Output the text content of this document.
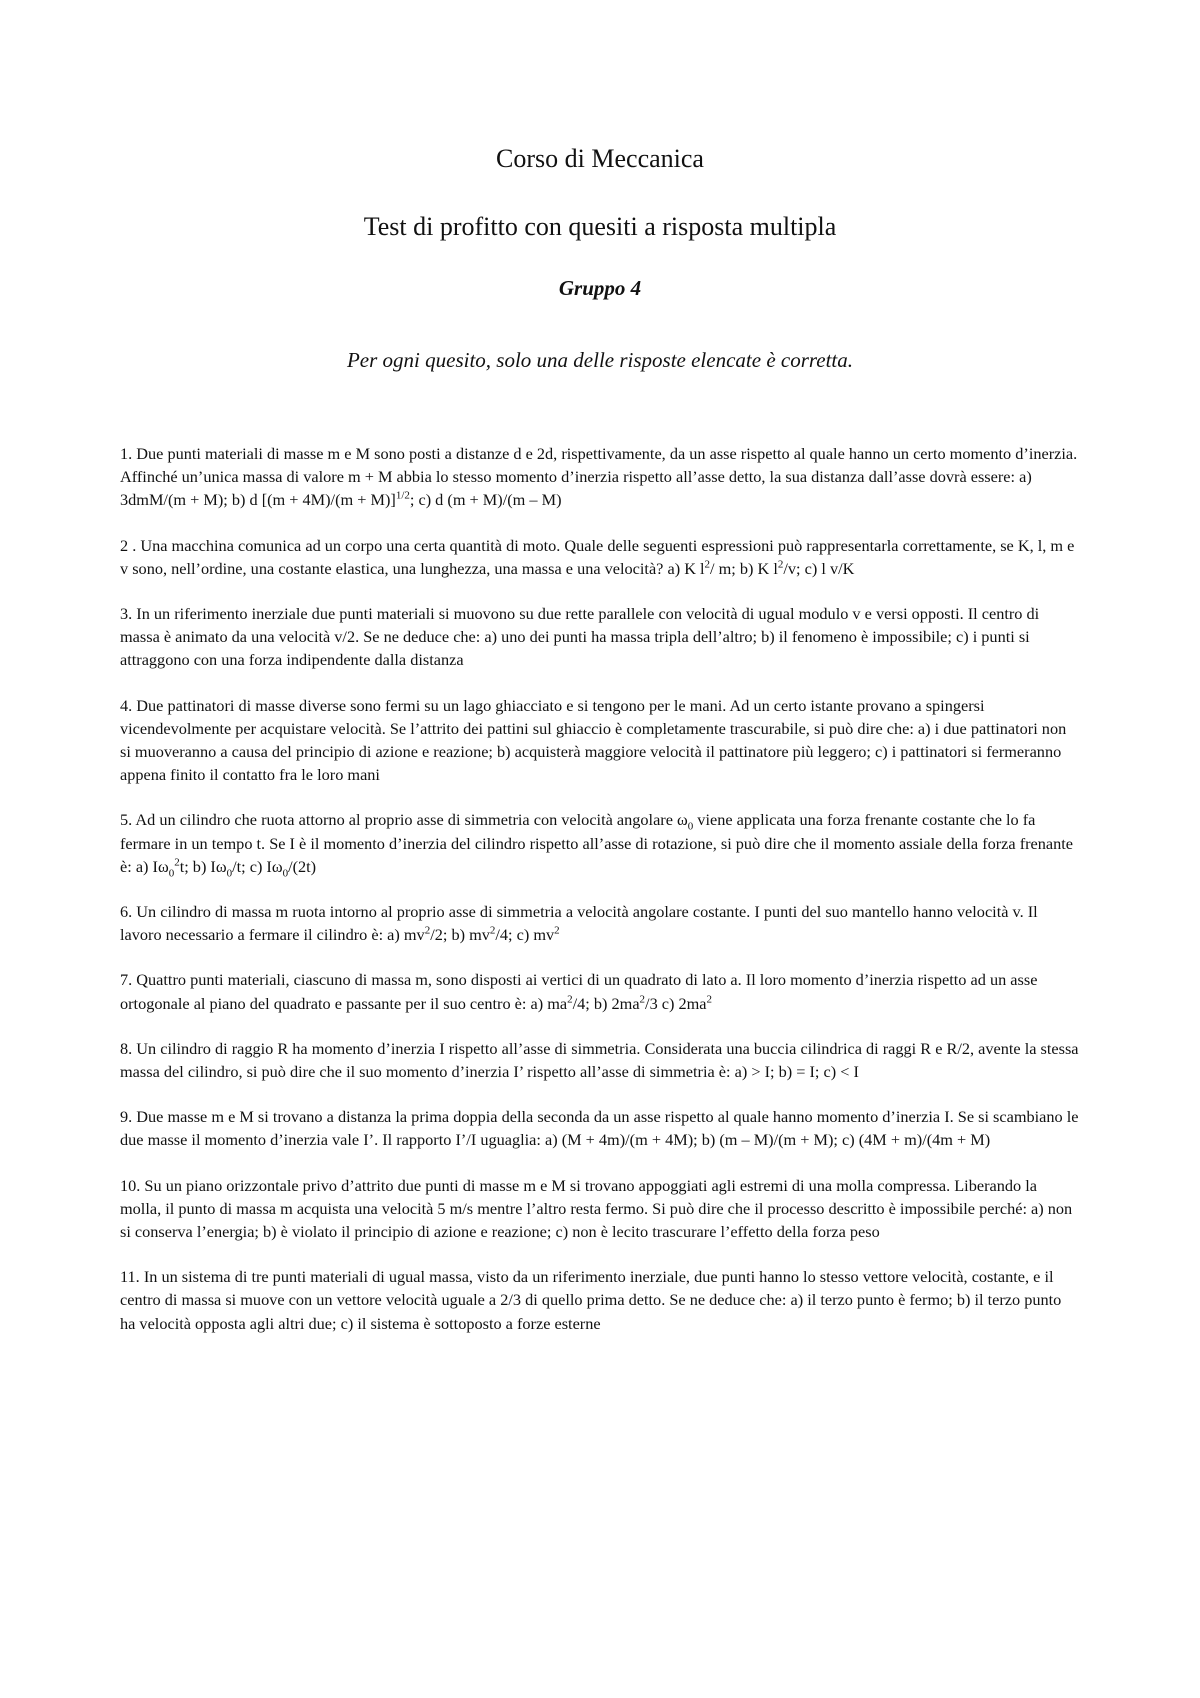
Corso di Meccanica
Test di profitto con quesiti a risposta multipla
Gruppo 4
Per ogni quesito, solo una delle risposte elencate è corretta.

1. Due punti materiali di masse m e M sono posti a distanze d e 2d, rispettivamente, da un asse rispetto al quale hanno un certo momento d’inerzia. Affinché un’unica massa di valore m + M abbia lo stesso momento d’inerzia rispetto all’asse detto, la sua distanza dall’asse dovrà essere: a) 3dmM/(m + M); b) d $[(m + 4M)/(m + M)]^{1/2}$; c) d (m + M)/(m – M)

2 . Una macchina comunica ad un corpo una certa quantità di moto. Quale delle seguenti espressioni può rappresentarla correttamente, se K, l, m e v sono, nell’ordine, una costante elastica, una lunghezza, una massa e una velocità? a) K $l^2/$ m; b) K $l^2/v$; c) l v/K

3. In un riferimento inerziale due punti materiali si muovono su due rette parallele con velocità di ugual modulo v e versi opposti. Il centro di massa è animato da una velocità v/2. Se ne deduce che: a) uno dei punti ha massa tripla dell’altro; b) il fenomeno è impossibile; c) i punti si attraggono con una forza indipendente dalla distanza

4. Due pattinatori di masse diverse sono fermi su un lago ghiacciato e si tengono per le mani. Ad un certo istante provano a spingersi vicendevolmente per acquistare velocità. Se l’attrito dei pattini sul ghiaccio è completamente trascurabile, si può dire che: a) i due pattinatori non si muoveranno a causa del principio di azione e reazione; b) acquisterà maggiore velocità il pattinatore più leggero; c) i pattinatori si fermeranno appena finito il contatto fra le loro mani

5. Ad un cilindro che ruota attorno al proprio asse di simmetria con velocità angolare $\omega_0$ viene applicata una forza frenante costante che lo fa fermare in un tempo t. Se I è il momento d’inerzia del cilindro rispetto all’asse di rotazione, si può dire che il momento assiale della forza frenante è: a) $I\omega_0^2t$; b) $I\omega_0/t$; c) $I\omega_0/(2t)$

6. Un cilindro di massa m ruota intorno al proprio asse di simmetria a velocità angolare costante. I punti del suo mantello hanno velocità v. Il lavoro necessario a fermare il cilindro è: a) $mv^2/2$; b) $mv^2/4$; c) $mv^2$

7. Quattro punti materiali, ciascuno di massa m, sono disposti ai vertici di un quadrato di lato a. Il loro momento d’inerzia rispetto ad un asse ortogonale al piano del quadrato e passante per il suo centro è: a) $ma^2/4$; b) $2ma^2/3$ c) $2ma^2$

8. Un cilindro di raggio R ha momento d’inerzia I rispetto all’asse di simmetria. Considerata una buccia cilindrica di raggi R e R/2, avente la stessa massa del cilindro, si può dire che il suo momento d’inerzia I’ rispetto all’asse di simmetria è: a) > I; b) = I; c) < I

9. Due masse m e M si trovano a distanza la prima doppia della seconda da un asse rispetto al quale hanno momento d’inerzia I. Se si scambiano le due masse il momento d’inerzia vale I’. Il rapporto I’/I uguaglia: a) (M + 4m)/(m + 4M); b) (m – M)/(m + M); c) (4M + m)/(4m + M)

10. Su un piano orizzontale privo d’attrito due punti di masse m e M si trovano appoggiati agli estremi di una molla compressa. Liberando la molla, il punto di massa m acquista una velocità 5 m/s mentre l’altro resta fermo. Si può dire che il processo descritto è impossibile perché: a) non si conserva l’energia; b) è violato il principio di azione e reazione; c) non è lecito trascurare l’effetto della forza peso

11. In un sistema di tre punti materiali di ugual massa, visto da un riferimento inerziale, due punti hanno lo stesso vettore velocità, costante, e il centro di massa si muove con un vettore velocità uguale a 2/3 di quello prima detto. Se ne deduce che: a) il terzo punto è fermo; b) il terzo punto ha velocità opposta agli altri due; c) il sistema è sottoposto a forze esterne
